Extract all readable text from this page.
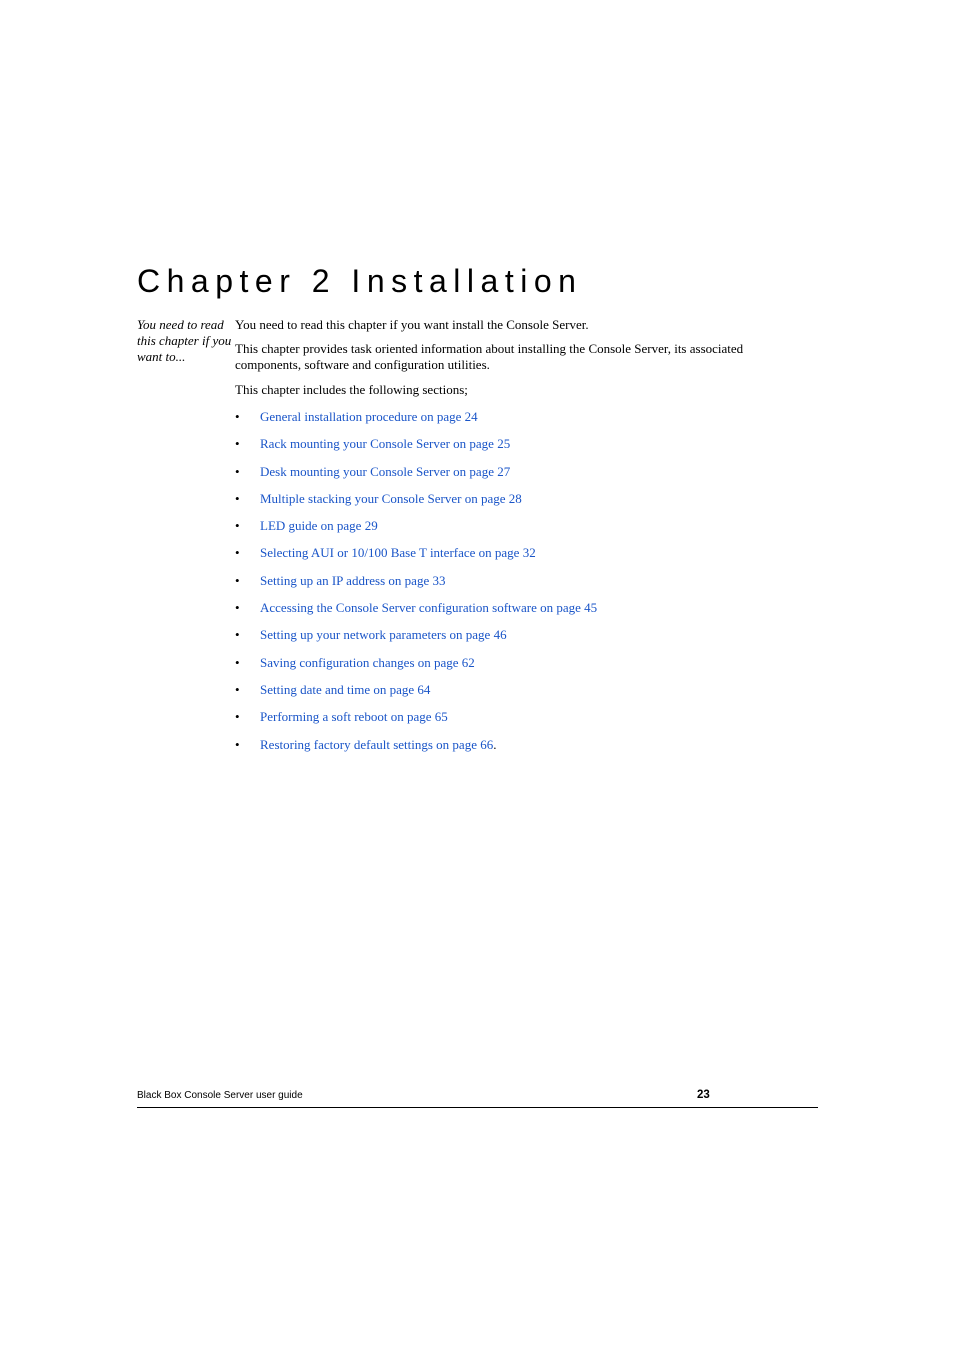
Chapter 2 Installation
You need to read this chapter if you want to...

You need to read this chapter if you want install the Console Server.

This chapter provides task oriented information about installing the Console Server, its associated components, software and configuration utilities.

This chapter includes the following sections;

• General installation procedure on page 24
• Rack mounting your Console Server on page 25
• Desk mounting your Console Server on page 27
• Multiple stacking your Console Server on page 28
• LED guide on page 29
• Selecting AUI or 10/100 Base T interface on page 32
• Setting up an IP address on page 33
• Accessing the Console Server configuration software on page 45
• Setting up your network parameters on page 46
• Saving configuration changes on page 62
• Setting date and time on page 64
• Performing a soft reboot on page 65
• Restoring factory default settings on page 66.
Black Box Console Server user guide	23
